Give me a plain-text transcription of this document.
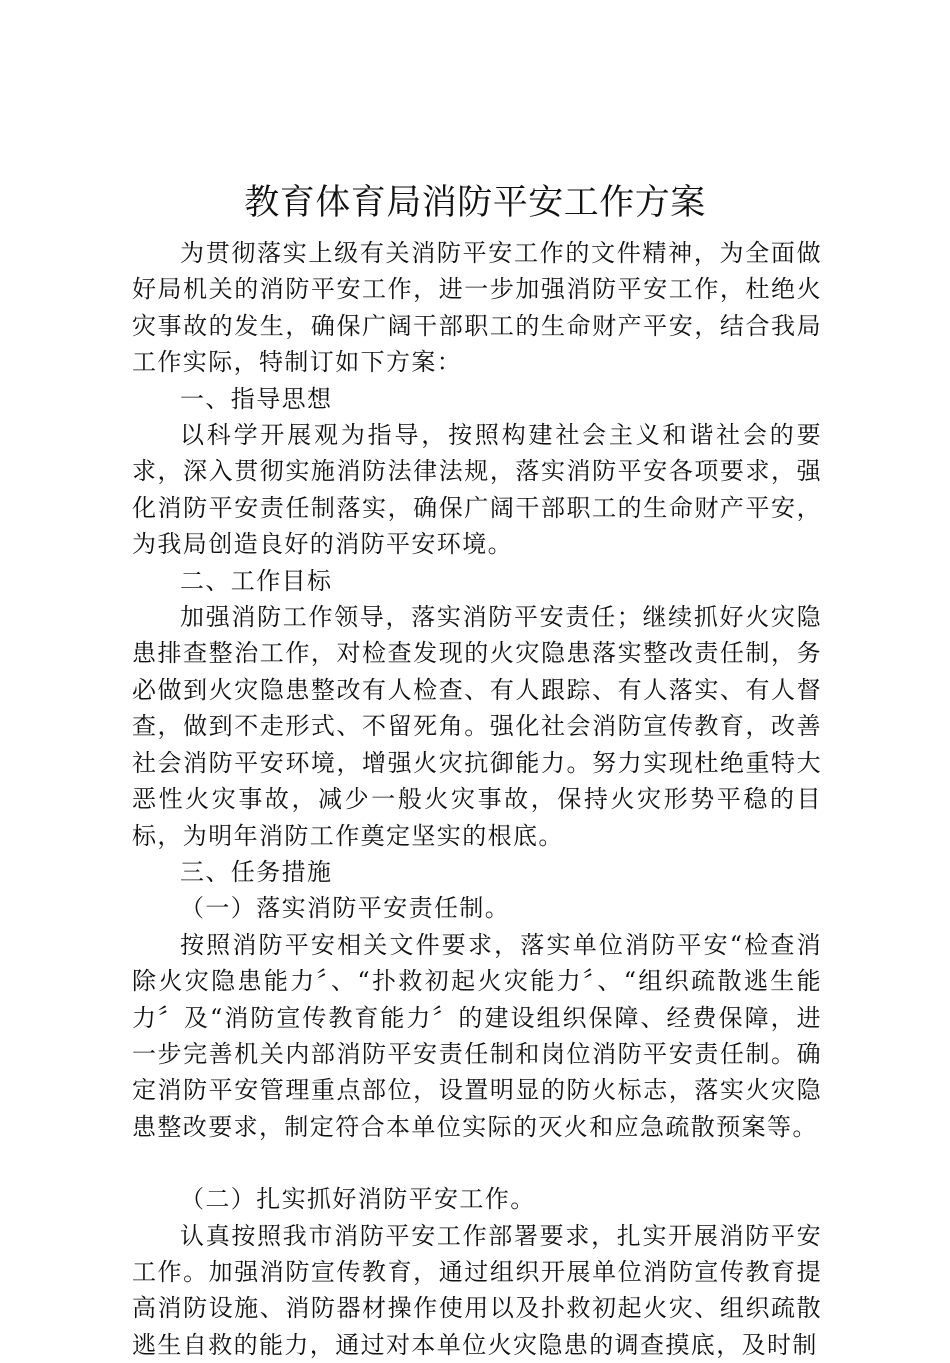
教育体育局消防平安工作方案

为贯彻落实上级有关消防平安工作的文件精神，为全面做好局机关的消防平安工作，进一步加强消防平安工作，杜绝火灾事故的发生，确保广阔干部职工的生命财产平安，结合我局工作实际，特制订如下方案：

一、指导思想

以科学开展观为指导，按照构建社会主义和谐社会的要求，深入贯彻实施消防法律法规，落实消防平安各项要求，强化消防平安责任制落实，确保广阔干部职工的生命财产平安，为我局创造良好的消防平安环境。

二、工作目标

加强消防工作领导，落实消防平安责任；继续抓好火灾隐患排查整治工作，对检查发现的火灾隐患落实整改责任制，务必做到火灾隐患整改有人检查、有人跟踪、有人落实、有人督查，做到不走形式、不留死角。强化社会消防宣传教育，改善社会消防平安环境，增强火灾抗御能力。努力实现杜绝重特大恶性火灾事故，减少一般火灾事故，保持火灾形势平稳的目标，为明年消防工作奠定坚实的根底。

三、任务措施

（一）落实消防平安责任制。

按照消防平安相关文件要求，落实单位消防平安“检查消除火灾隐患能力〞、“扑救初起火灾能力〞、“组织疏散逃生能力〞及“消防宣传教育能力〞的建设组织保障、经费保障，进一步完善机关内部消防平安责任制和岗位消防平安责任制。确定消防平安管理重点部位，设置明显的防火标志，落实火灾隐患整改要求，制定符合本单位实际的灭火和应急疏散预案等。

（二）扎实抓好消防平安工作。

认真按照我市消防平安工作部署要求，扎实开展消防平安工作。加强消防宣传教育，通过组织开展单位消防宣传教育提高消防设施、消防器材操作使用以及扑救初起火灾、组织疏散逃生自救的能力，通过对本单位火灾隐患的调查摸底，及时制
